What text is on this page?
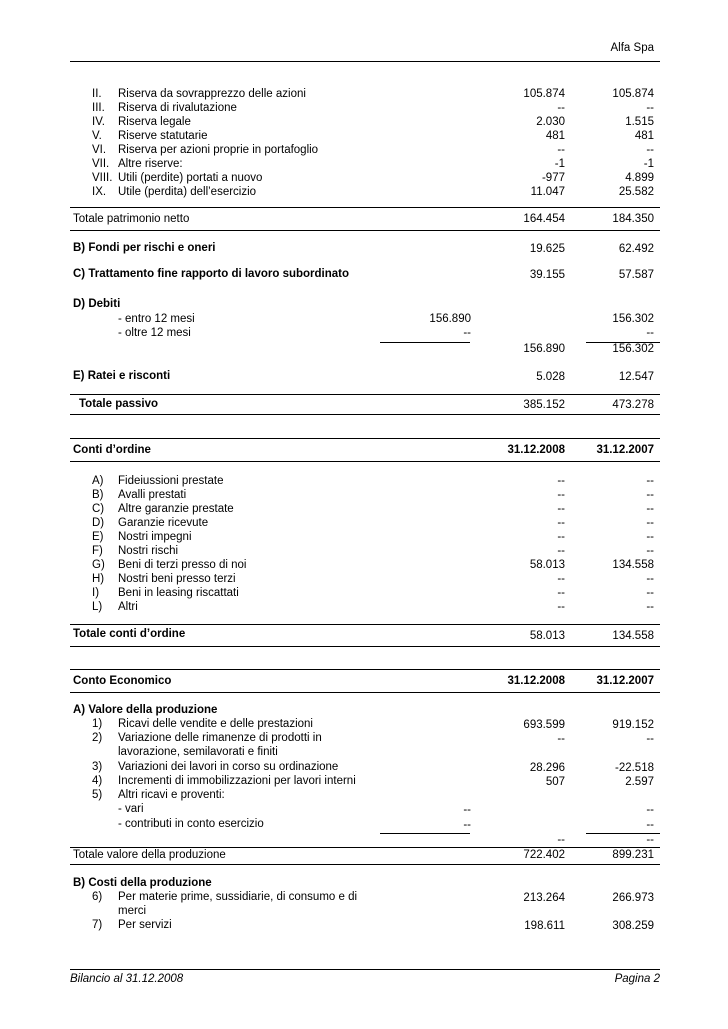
Alfa Spa
II. Riserva da sovrapprezzo delle azioni	105.874	105.874
III. Riserva di rivalutazione	--	--
IV. Riserva legale	2.030	1.515
V. Riserve statutarie	481	481
VI. Riserva per azioni proprie in portafoglio	--	--
VII. Altre riserve:	-1	-1
VIII. Utili (perdite) portati a nuovo	-977	4.899
IX. Utile (perdita) dell’esercizio	11.047	25.582
Totale patrimonio netto	164.454	184.350
B) Fondi per rischi e oneri	19.625	62.492
C) Trattamento fine rapporto di lavoro subordinato	39.155	57.587
D) Debiti
- entro 12 mesi	156.890	156.302
- oltre 12 mesi	--	--
156.890	156.302
E) Ratei e risconti	5.028	12.547
Totale passivo	385.152	473.278
Conti d’ordine	31.12.2008	31.12.2007
A) Fideiussioni prestate	--	--
B) Avalli prestati	--	--
C) Altre garanzie prestate	--	--
D) Garanzie ricevute	--	--
E) Nostri impegni	--	--
F) Nostri rischi	--	--
G) Beni di terzi presso di noi	58.013	134.558
H) Nostri beni presso terzi	--	--
I) Beni in leasing riscattati	--	--
L) Altri	--	--
Totale conti d’ordine	58.013	134.558
Conto Economico	31.12.2008	31.12.2007
A) Valore della produzione
1) Ricavi delle vendite e delle prestazioni	693.599	919.152
2) Variazione delle rimanenze di prodotti in
lavorazione, semilavorati e finiti
--	--
3) Variazioni dei lavori in corso su ordinazione	28.296	-22.518
4) Incrementi di immobilizzazioni per lavori interni	507	2.597
5) Altri ricavi e proventi:
- vari	--	--
- contributi in conto esercizio	--	--
--	--
Totale valore della produzione	722.402	899.231
B) Costi della produzione
6) Per materie prime, sussidiarie, di consumo e di
merci
213.264	266.973
7) Per servizi	198.611	308.259
Bilancio al 31.12.2008	Pagina 2
